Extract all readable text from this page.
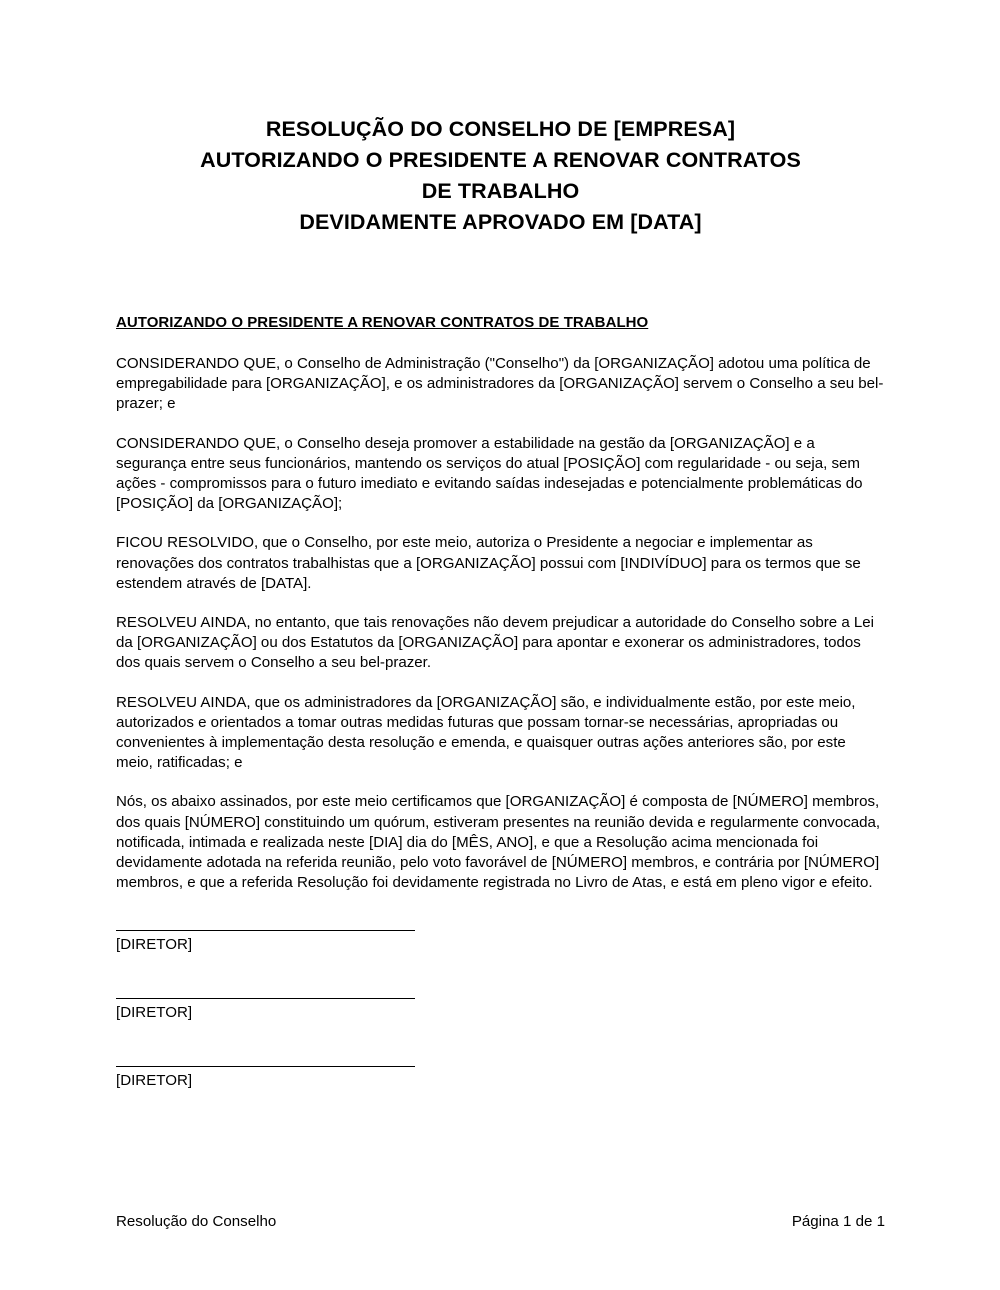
RESOLUÇÃO DO CONSELHO DE [EMPRESA]
AUTORIZANDO O PRESIDENTE A RENOVAR CONTRATOS
DE TRABALHO
DEVIDAMENTE APROVADO EM [DATA]
AUTORIZANDO O PRESIDENTE A RENOVAR CONTRATOS DE TRABALHO

CONSIDERANDO QUE, o Conselho de Administração ("Conselho") da [ORGANIZAÇÃO] adotou uma política de empregabilidade para [ORGANIZAÇÃO], e os administradores da [ORGANIZAÇÃO] servem o Conselho a seu bel-prazer; e

CONSIDERANDO QUE, o Conselho deseja promover a estabilidade na gestão da [ORGANIZAÇÃO] e a segurança entre seus funcionários, mantendo os serviços do atual [POSIÇÃO] com regularidade - ou seja, sem ações - compromissos para o futuro imediato e evitando saídas indesejadas e potencialmente problemáticas do [POSIÇÃO] da [ORGANIZAÇÃO];

FICOU RESOLVIDO, que o Conselho, por este meio, autoriza o Presidente a negociar e implementar as renovações dos contratos trabalhistas que a [ORGANIZAÇÃO] possui com [INDIVÍDUO] para os termos que se estendem através de [DATA].

RESOLVEU AINDA, no entanto, que tais renovações não devem prejudicar a autoridade do Conselho sobre a Lei da [ORGANIZAÇÃO] ou dos Estatutos da [ORGANIZAÇÃO] para apontar e exonerar os administradores, todos dos quais servem o Conselho a seu bel-prazer.

RESOLVEU AINDA, que os administradores da [ORGANIZAÇÃO] são, e individualmente estão, por este meio, autorizados e orientados a tomar outras medidas futuras que possam tornar-se necessárias, apropriadas ou convenientes à implementação desta resolução e emenda, e quaisquer outras ações anteriores são, por este meio, ratificadas; e

Nós, os abaixo assinados, por este meio certificamos que [ORGANIZAÇÃO] é composta de [NÚMERO] membros, dos quais [NÚMERO] constituindo um quórum, estiveram presentes na reunião devida e regularmente convocada, notificada, intimada e realizada neste [DIA] dia do [MÊS, ANO], e que a Resolução acima mencionada foi devidamente adotada na referida reunião, pelo voto favorável de [NÚMERO] membros, e contrária por [NÚMERO] membros, e que a referida Resolução foi devidamente registrada no Livro de Atas, e está em pleno vigor e efeito.

[DIRETOR]
[DIRETOR]
[DIRETOR]
Resolução do Conselho	Página 1 de 1
